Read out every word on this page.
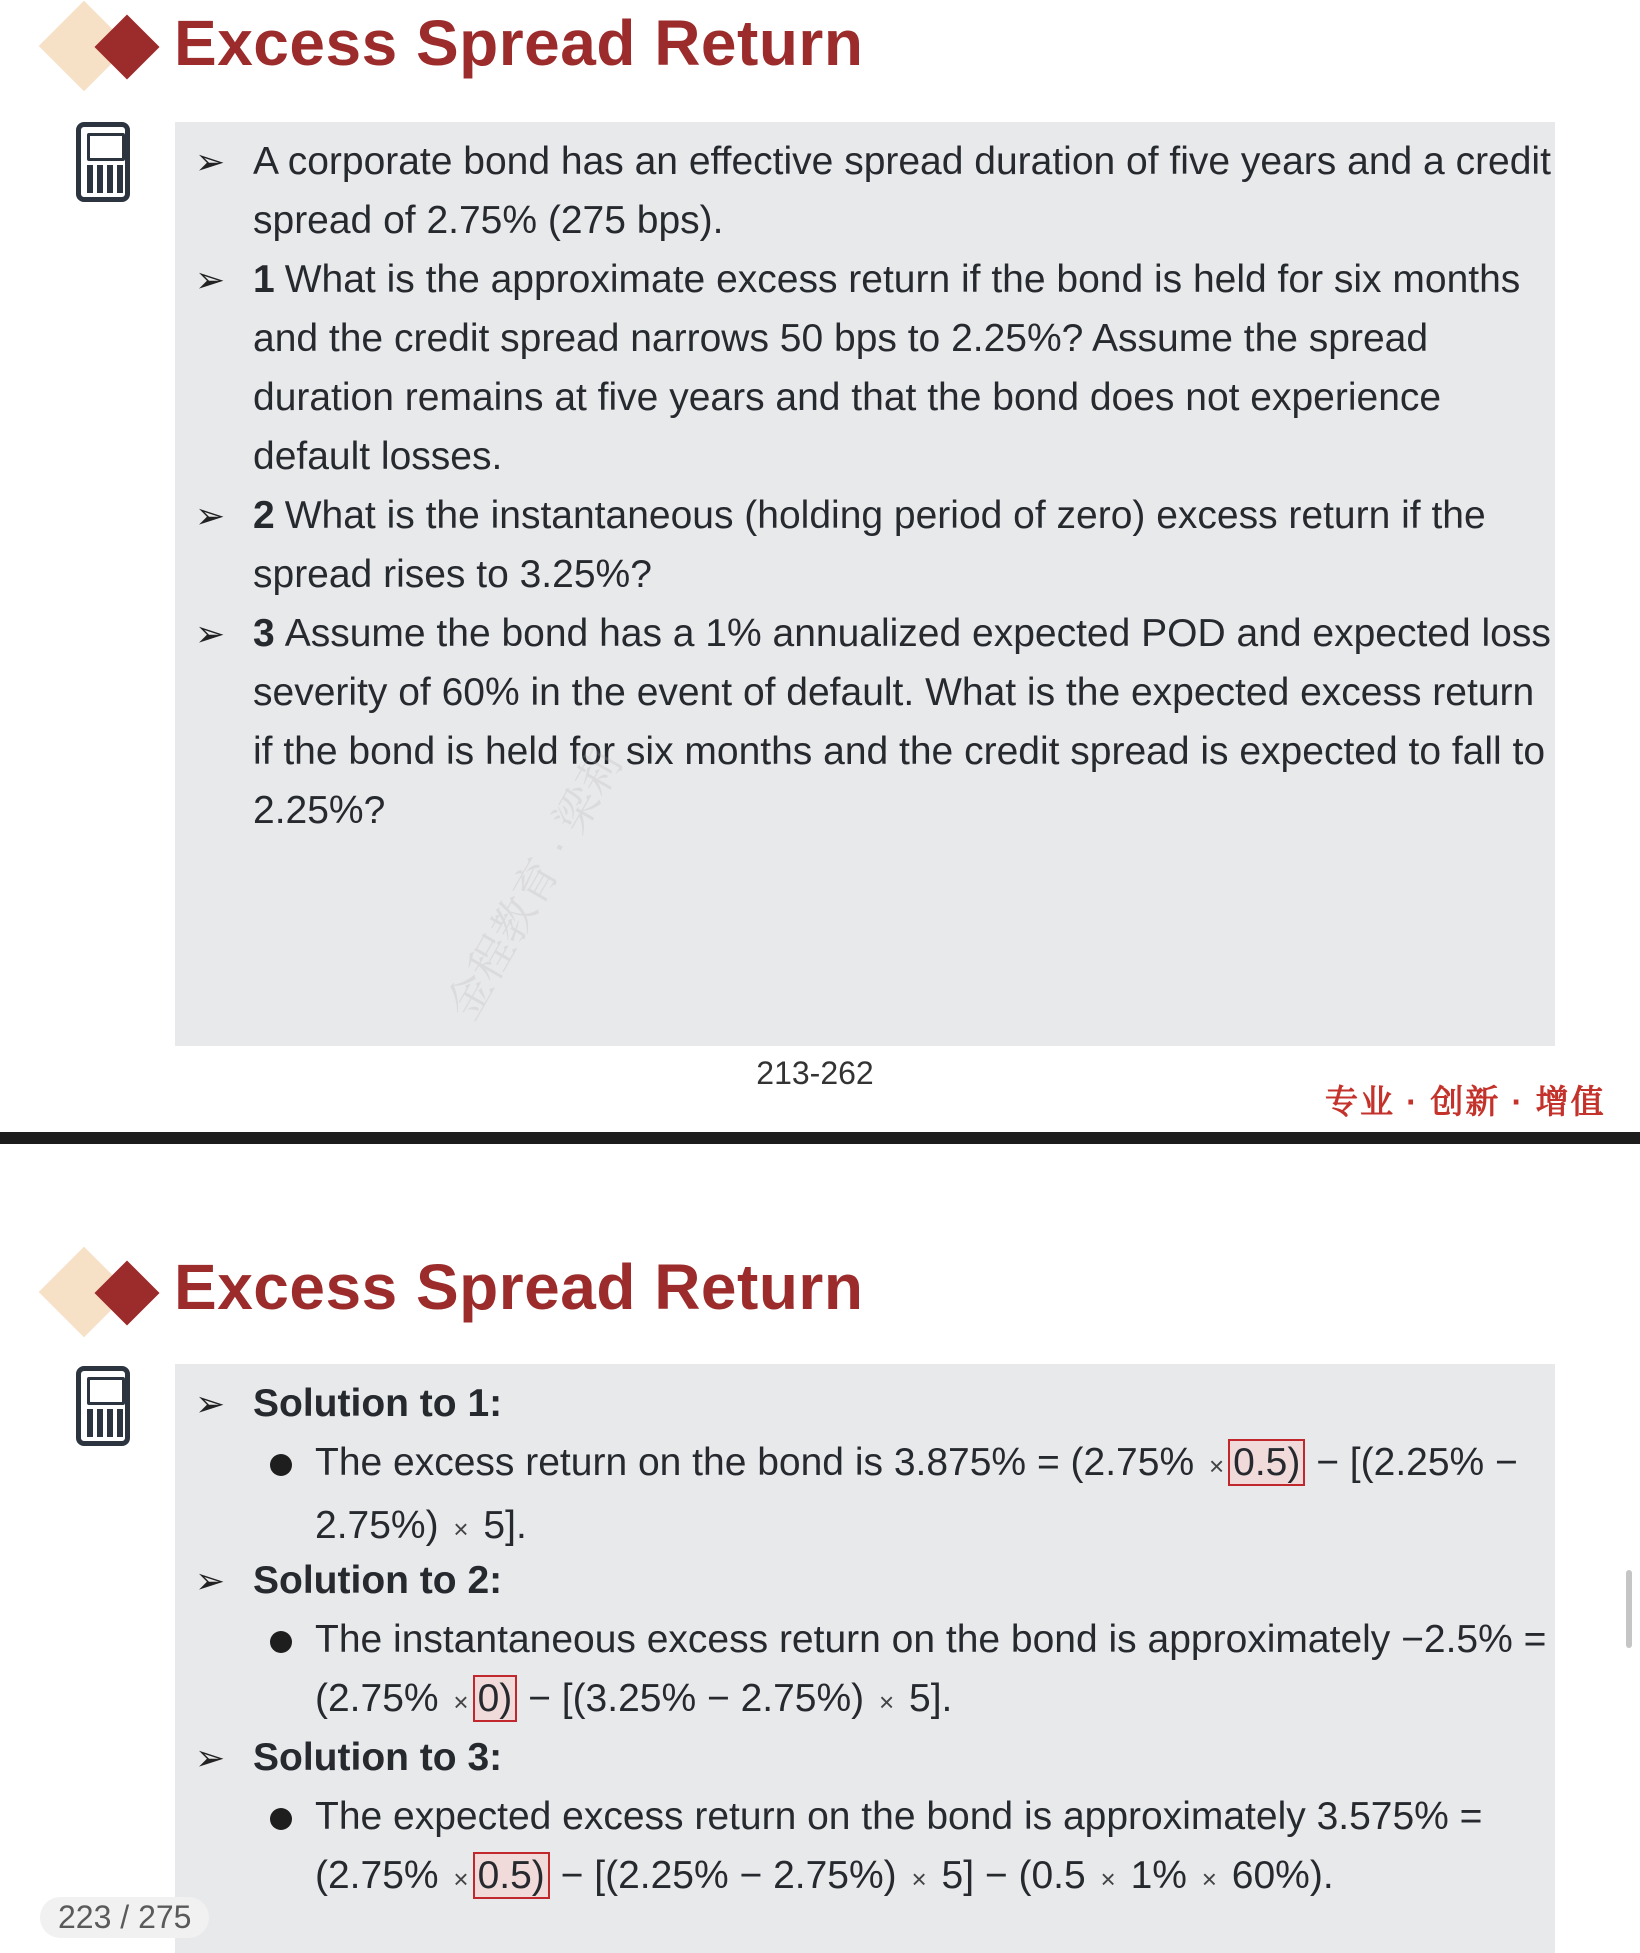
Excess Spread Return
➢ A corporate bond has an effective spread duration of five years and a credit spread of 2.75% (275 bps).
➢ 1 What is the approximate excess return if the bond is held for six months and the credit spread narrows 50 bps to 2.25%? Assume the spread duration remains at five years and that the bond does not experience default losses.
➢ 2 What is the instantaneous (holding period of zero) excess return if the spread rises to 3.25%?
➢ 3 Assume the bond has a 1% annualized expected POD and expected loss severity of 60% in the event of default. What is the expected excess return if the bond is held for six months and the credit spread is expected to fall to 2.25%?	金程教育 · 梁莉
213-262
专业 · 创新 · 增值
Excess Spread Return
➢ Solution to 1:
The excess return on the bond is 3.875% = (2.75% × 0.5) − [(2.25% − 2.75%) × 5].
➢ Solution to 2:
The instantaneous excess return on the bond is approximately −2.5% = (2.75% × 0) − [(3.25% − 2.75%) × 5].
➢ Solution to 3:
The expected excess return on the bond is approximately 3.575% = (2.75% × 0.5) − [(2.25% − 2.75%) × 5] − (0.5 × 1% × 60%).
223 / 275
